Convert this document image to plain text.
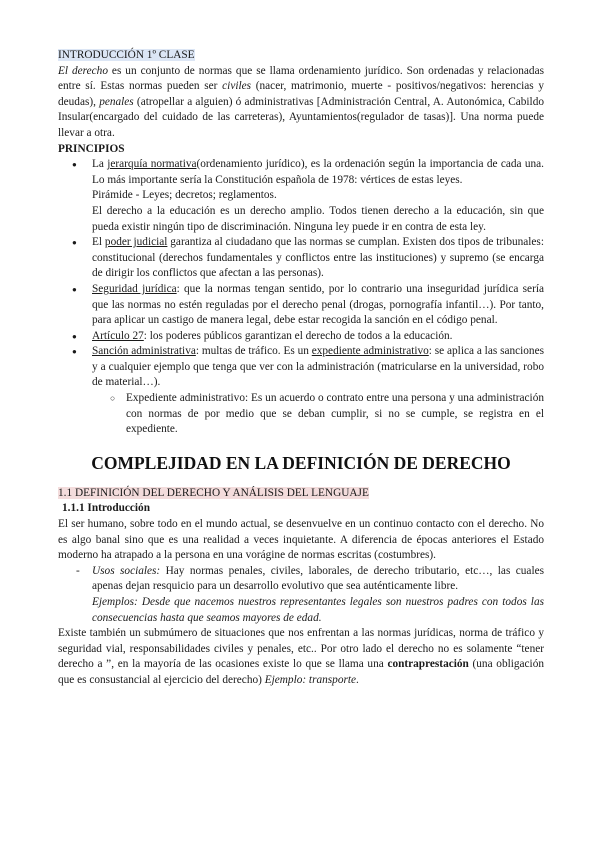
INTRODUCCIÓN 1º CLASE

El derecho es un conjunto de normas que se llama ordenamiento jurídico. Son ordenadas y relacionadas entre sí. Estas normas pueden ser civiles (nacer, matrimonio, muerte - positivos/negativos: herencias y deudas), penales (atropellar a alguien) ó administrativas [Administración Central, A. Autonómica, Cabildo Insular(encargado del cuidado de las carreteras), Ayuntamientos(regulador de tasas)]. Una norma puede llevar a otra.

PRINCIPIOS

● La jerarquía normativa(ordenamiento jurídico), es la ordenación según la importancia de cada una. Lo más importante sería la Constitución española de 1978: vértices de estas leyes.
Pirámide - Leyes; decretos; reglamentos.
El derecho a la educación es un derecho amplio. Todos tienen derecho a la educación, sin que pueda existir ningún tipo de discriminación. Ninguna ley puede ir en contra de esta ley.
● El poder judicial garantiza al ciudadano que las normas se cumplan. Existen dos tipos de tribunales: constitucional (derechos fundamentales y conflictos entre las instituciones) y supremo (se encarga de dirigir los conflictos que afectan a las personas).
● Seguridad jurídica: que la normas tengan sentido, por lo contrario una inseguridad jurídica sería que las normas no estén reguladas por el derecho penal (drogas, pornografía infantil…). Por tanto, para aplicar un castigo de manera legal, debe estar recogida la sanción en el código penal.
● Artículo 27: los poderes públicos garantizan el derecho de todos a la educación.
● Sanción administrativa: multas de tráfico. Es un expediente administrativo: se aplica a las sanciones y a cualquier ejemplo que tenga que ver con la administración (matricularse en la universidad, robo de material…).
○ Expediente administrativo: Es un acuerdo o contrato entre una persona y una administración con normas de por medio que se deban cumplir, si no se cumple, se registra en el expediente.
COMPLEJIDAD EN LA DEFINICIÓN DE DERECHO

1.1 DEFINICIÓN DEL DERECHO Y ANÁLISIS DEL LENGUAJE

1.1.1 Introducción

El ser humano, sobre todo en el mundo actual, se desenvuelve en un continuo contacto con el derecho. No es algo banal sino que es una realidad a veces inquietante. A diferencia de épocas anteriores el Estado moderno ha atrapado a la persona en una vorágine de normas escritas (costumbres).

- Usos sociales: Hay normas penales, civiles, laborales, de derecho tributario, etc…, las cuales apenas dejan resquicio para un desarrollo evolutivo que sea auténticamente libre.
Ejemplos: Desde que nacemos nuestros representantes legales son nuestros padres con todos las consecuencias hasta que seamos mayores de edad.

Existe también un submúmero de situaciones que nos enfrentan a las normas jurídicas, norma de tráfico y seguridad vial, responsabilidades civiles y penales, etc.. Por otro lado el derecho no es solamente “tener derecho a ”, en la mayoría de las ocasiones existe lo que se llama una contraprestación (una obligación que es consustancial al ejercicio del derecho) Ejemplo: transporte.
